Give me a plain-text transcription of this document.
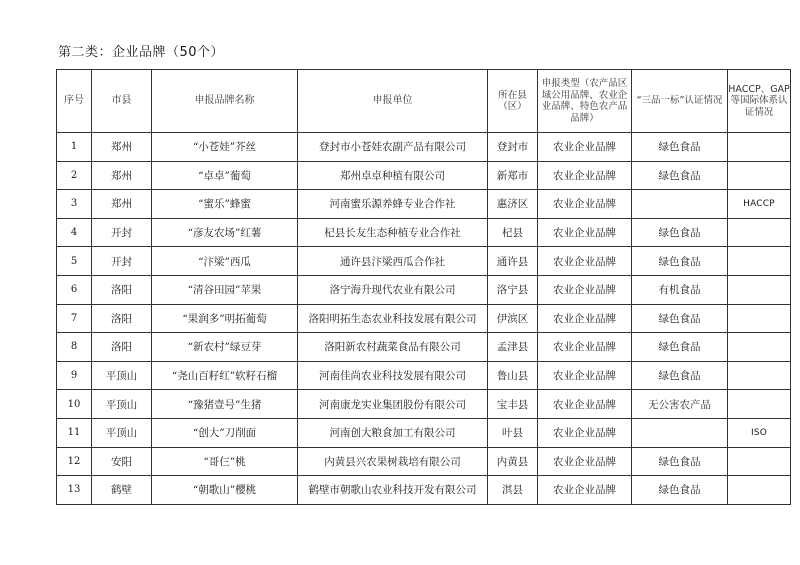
第二类：企业品牌（50个）
序号	市县	申报品牌名称	申报单位	所在县（区）	申报类型（农产品区域公用品牌、农业企业品牌、特色农产品品牌）	“三品一标”认证情况	HACCP、GAP等国际体系认证情况
1	郑州	“小苍娃”芥丝	登封市小苍娃农副产品有限公司	登封市	农业企业品牌	绿色食品	
2	郑州	“卓卓”葡萄	郑州卓卓种植有限公司	新郑市	农业企业品牌	绿色食品	
3	郑州	“蜜乐”蜂蜜	河南蜜乐源养蜂专业合作社	惠济区	农业企业品牌		HACCP
4	开封	“彦友农场”红薯	杞县长友生态种植专业合作社	杞县	农业企业品牌	绿色食品	
5	开封	“汴梁”西瓜	通许县汴梁西瓜合作社	通许县	农业企业品牌	绿色食品	
6	洛阳	“清谷田园”苹果	洛宁海升现代农业有限公司	洛宁县	农业企业品牌	有机食品	
7	洛阳	“果润多”明拓葡萄	洛阳明拓生态农业科技发展有限公司	伊滨区	农业企业品牌	绿色食品	
8	洛阳	“新农村”绿豆芽	洛阳新农村蔬菜食品有限公司	孟津县	农业企业品牌	绿色食品	
9	平顶山	“尧山百籽红”软籽石榴	河南佳尚农业科技发展有限公司	鲁山县	农业企业品牌	绿色食品	
10	平顶山	“豫猪壹号”生猪	河南康龙实业集团股份有限公司	宝丰县	农业企业品牌	无公害农产品	
11	平顶山	“创大”刀削面	河南创大粮食加工有限公司	叶县	农业企业品牌		ISO
12	安阳	“哥仨”桃	内黄县兴农果树栽培有限公司	内黄县	农业企业品牌	绿色食品	
13	鹤壁	“朝歌山”樱桃	鹤壁市朝歌山农业科技开发有限公司	淇县	农业企业品牌	绿色食品	
